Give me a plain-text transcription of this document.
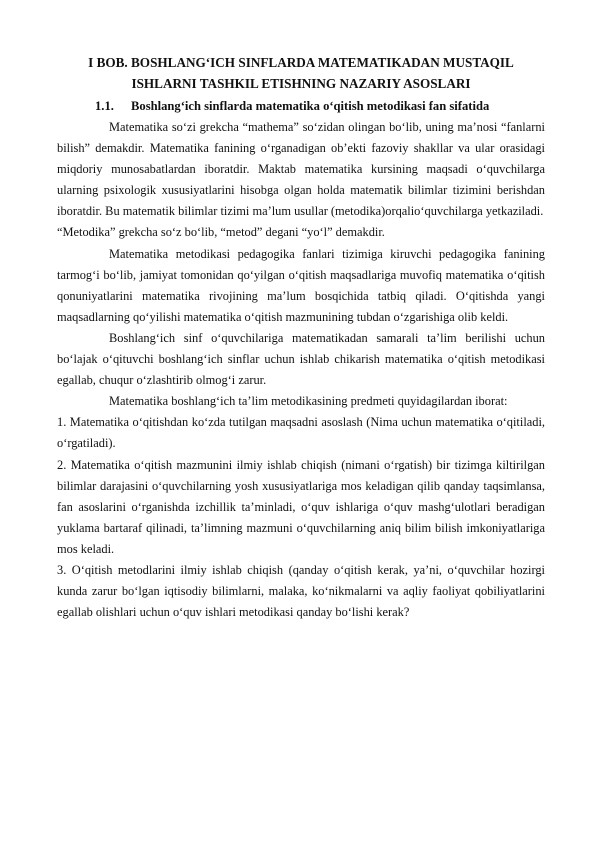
I BOB. BOSHLANG‘ICH SINFLARDA MATEMATIKADAN MUSTAQIL ISHLARNI TASHKIL ETISHNING NAZARIY ASOSLARI
1.1. Boshlang‘ich sinflarda matematika o‘qitish metodikasi fan sifatida

Matematika so‘zi grekcha “mathema” so‘zidan olingan bo‘lib, uning ma’nosi “fanlarni bilish” demakdir. Matematika fanining o‘rganadigan ob’ekti fazoviy shakllar va ular orasidagi miqdoriy munosabatlardan iboratdir. Maktab matematika kursining maqsadi o‘quvchilarga ularning psixologik xususiyatlarini hisobga olgan holda matematik bilimlar tizimini berishdan iboratdir. Bu matematik bilimlar tizimi ma’lum usullar (metodika)orqalio‘quvchilarga yetkaziladi.

“Metodika” grekcha so‘z bo‘lib, “metod” degani “yo‘l” demakdir.

Matematika metodikasi pedagogika fanlari tizimiga kiruvchi pedagogika fanining tarmog‘i bo‘lib, jamiyat tomonidan qo‘yilgan o‘qitish maqsadlariga muvofiq matematika o‘qitish qonuniyatlarini matematika rivojining ma’lum bosqichida tatbiq qiladi. O‘qitishda yangi maqsadlarning qo‘yilishi matematika o‘qitish mazmunining tubdan o‘zgarishiga olib keldi.

Boshlang‘ich sinf o‘quvchilariga matematikadan samarali ta’lim berilishi uchun bo‘lajak o‘qituvchi boshlang‘ich sinflar uchun ishlab chikarish matematika o‘qitish metodikasi egallab, chuqur o‘zlashtirib olmog‘i zarur.

Matematika boshlang‘ich ta’lim metodikasining predmeti quyidagilardan iborat:

1. Matematika o‘qitishdan ko‘zda tutilgan maqsadni asoslash (Nima uchun matematika o‘qitiladi, o‘rgatiladi).

2. Matematika o‘qitish mazmunini ilmiy ishlab chiqish (nimani o‘rgatish) bir tizimga kiltirilgan bilimlar darajasini o‘quvchilarning yosh xususiyatlariga mos keladigan qilib qanday taqsimlansa, fan asoslarini o‘rganishda izchillik ta’minladi, o‘quv ishlariga o‘quv mashg‘ulotlari beradigan yuklama bartaraf qilinadi, ta’limning mazmuni o‘quvchilarning aniq bilim bilish imkoniyatlariga mos keladi.

3. O‘qitish metodlarini ilmiy ishlab chiqish (qanday o‘qitish kerak, ya’ni, o‘quvchilar hozirgi kunda zarur bo‘lgan iqtisodiy bilimlarni, malaka, ko‘nikmalarni va aqliy faoliyat qobiliyatlarini egallab olishlari uchun o‘quv ishlari metodikasi qanday bo‘lishi kerak?
